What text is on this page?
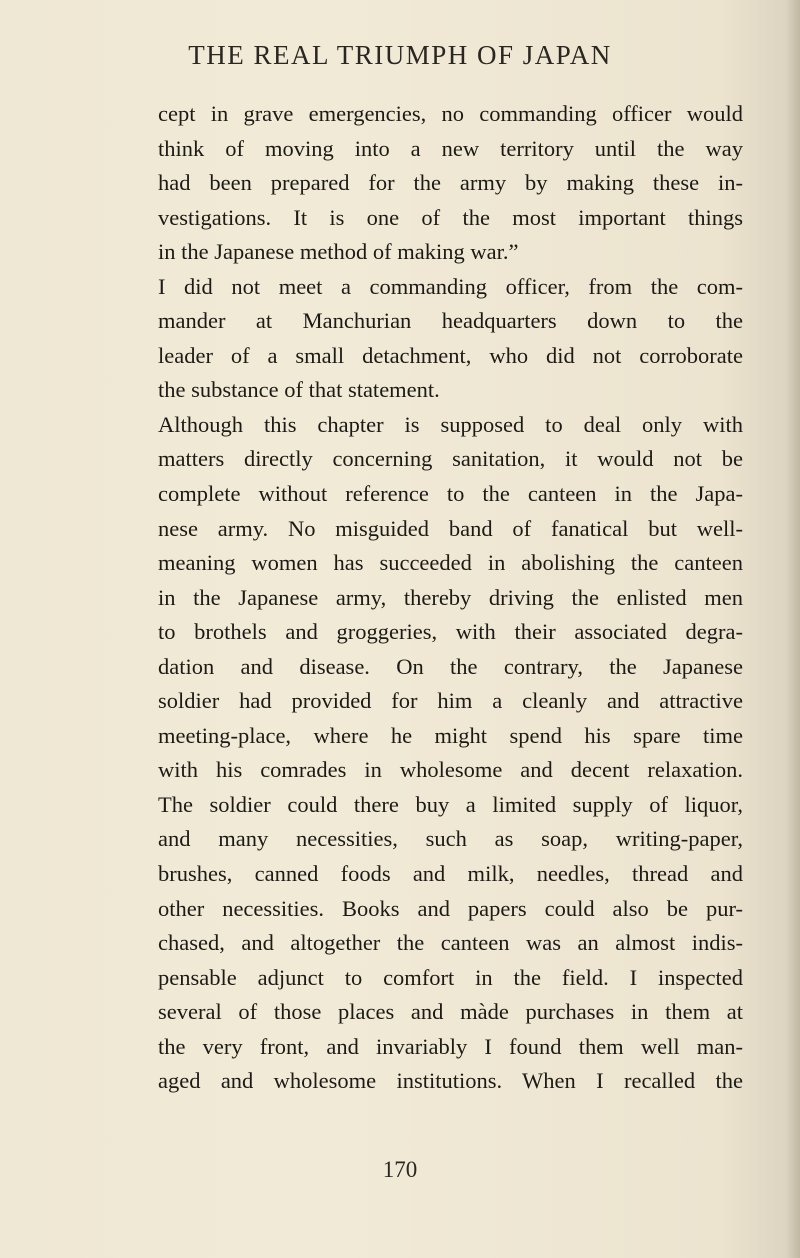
THE REAL TRIUMPH OF JAPAN
cept in grave emergencies, no commanding officer would
think of moving into a new territory until the way
had been prepared for the army by making these in-
vestigations. It is one of the most important things
in the Japanese method of making war.”
I did not meet a commanding officer, from the com-
mander at Manchurian headquarters down to the
leader of a small detachment, who did not corroborate
the substance of that statement.
Although this chapter is supposed to deal only with
matters directly concerning sanitation, it would not be
complete without reference to the canteen in the Japa-
nese army. No misguided band of fanatical but well-
meaning women has succeeded in abolishing the canteen
in the Japanese army, thereby driving the enlisted men
to brothels and groggeries, with their associated degra-
dation and disease. On the contrary, the Japanese
soldier had provided for him a cleanly and attractive
meeting-place, where he might spend his spare time
with his comrades in wholesome and decent relaxation.
The soldier could there buy a limited supply of liquor,
and many necessities, such as soap, writing-paper,
brushes, canned foods and milk, needles, thread and
other necessities. Books and papers could also be pur-
chased, and altogether the canteen was an almost indis-
pensable adjunct to comfort in the field. I inspected
several of those places and màde purchases in them at
the very front, and invariably I found them well man-
aged and wholesome institutions. When I recalled the
170
